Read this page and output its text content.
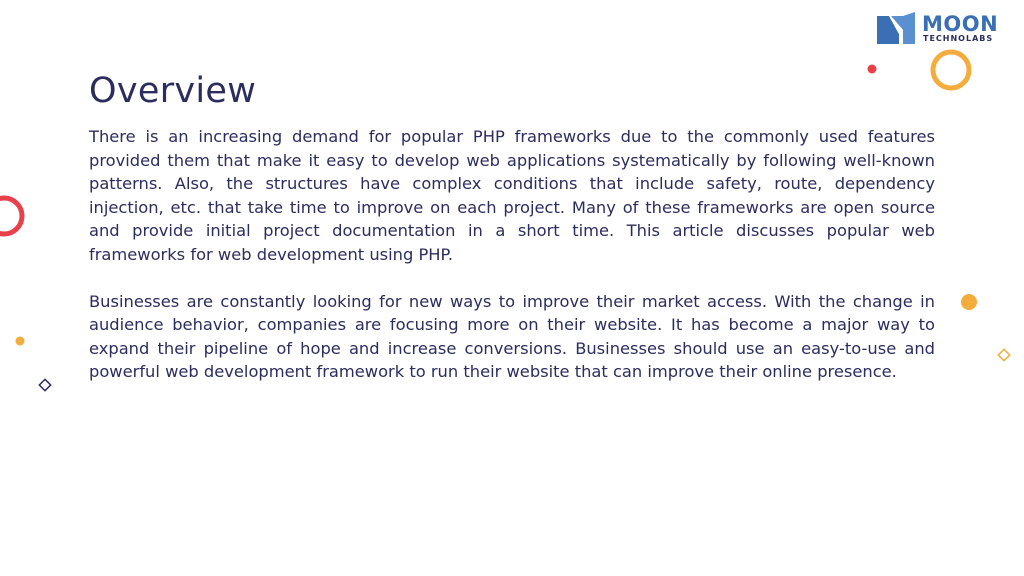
MOON
TECHNOLABS
Overview

There is an increasing demand for popular PHP frameworks due to the commonly used features provided them that make it easy to develop web applications systematically by following well-known patterns. Also, the structures have complex conditions that include safety, route, dependency injection, etc. that take time to improve on each project. Many of these frameworks are open source and provide initial project documentation in a short time. This article discusses popular web frameworks for web development using PHP.

Businesses are constantly looking for new ways to improve their market access. With the change in audience behavior, companies are focusing more on their website. It has become a major way to expand their pipeline of hope and increase conversions. Businesses should use an easy-to-use and powerful web development framework to run their website that can improve their online presence.
